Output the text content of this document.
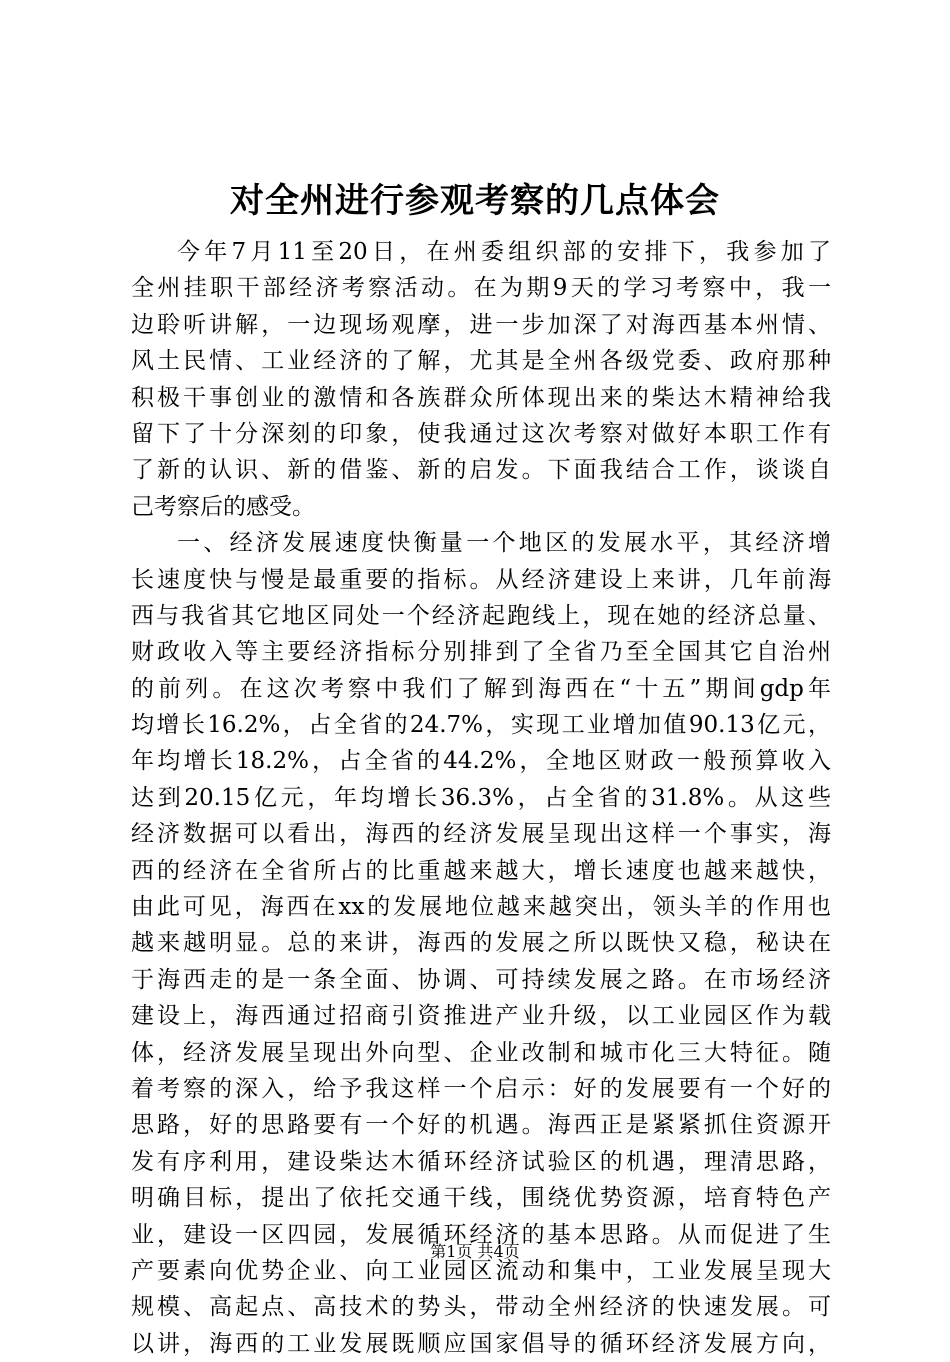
对全州进行参观考察的几点体会
今年7月11至20日，在州委组织部的安排下，我参加了
全州挂职干部经济考察活动。在为期9天的学习考察中，我一
边聆听讲解，一边现场观摩，进一步加深了对海西基本州情、
风土民情、工业经济的了解，尤其是全州各级党委、政府那种
积极干事创业的激情和各族群众所体现出来的柴达木精神给我
留下了十分深刻的印象，使我通过这次考察对做好本职工作有
了新的认识、新的借鉴、新的启发。下面我结合工作，谈谈自
己考察后的感受。
一、经济发展速度快衡量一个地区的发展水平，其经济增
长速度快与慢是最重要的指标。从经济建设上来讲，几年前海
西与我省其它地区同处一个经济起跑线上，现在她的经济总量、
财政收入等主要经济指标分别排到了全省乃至全国其它自治州
的前列。在这次考察中我们了解到海西在“十五”期间gdp年
均增长16.2%，占全省的24.7%，实现工业增加值90.13亿元，
年均增长18.2%，占全省的44.2%，全地区财政一般预算收入
达到20.15亿元，年均增长36.3%，占全省的31.8%。从这些
经济数据可以看出，海西的经济发展呈现出这样一个事实，海
西的经济在全省所占的比重越来越大，增长速度也越来越快，
由此可见，海西在xx的发展地位越来越突出，领头羊的作用也
越来越明显。总的来讲，海西的发展之所以既快又稳，秘诀在
于海西走的是一条全面、协调、可持续发展之路。在市场经济
建设上，海西通过招商引资推进产业升级，以工业园区作为载
体，经济发展呈现出外向型、企业改制和城市化三大特征。随
着考察的深入，给予我这样一个启示：好的发展要有一个好的
思路，好的思路要有一个好的机遇。海西正是紧紧抓住资源开
发有序利用，建设柴达木循环经济试验区的机遇，理清思路，
明确目标，提出了依托交通干线，围绕优势资源，培育特色产
业，建设一区四园，发展循环经济的基本思路。从而促进了生
产要素向优势企业、向工业园区流动和集中，工业发展呈现大
规模、高起点、高技术的势头，带动全州经济的快速发展。可
以讲，海西的工业发展既顺应国家倡导的循环经济发展方向，
第1页 共4页
